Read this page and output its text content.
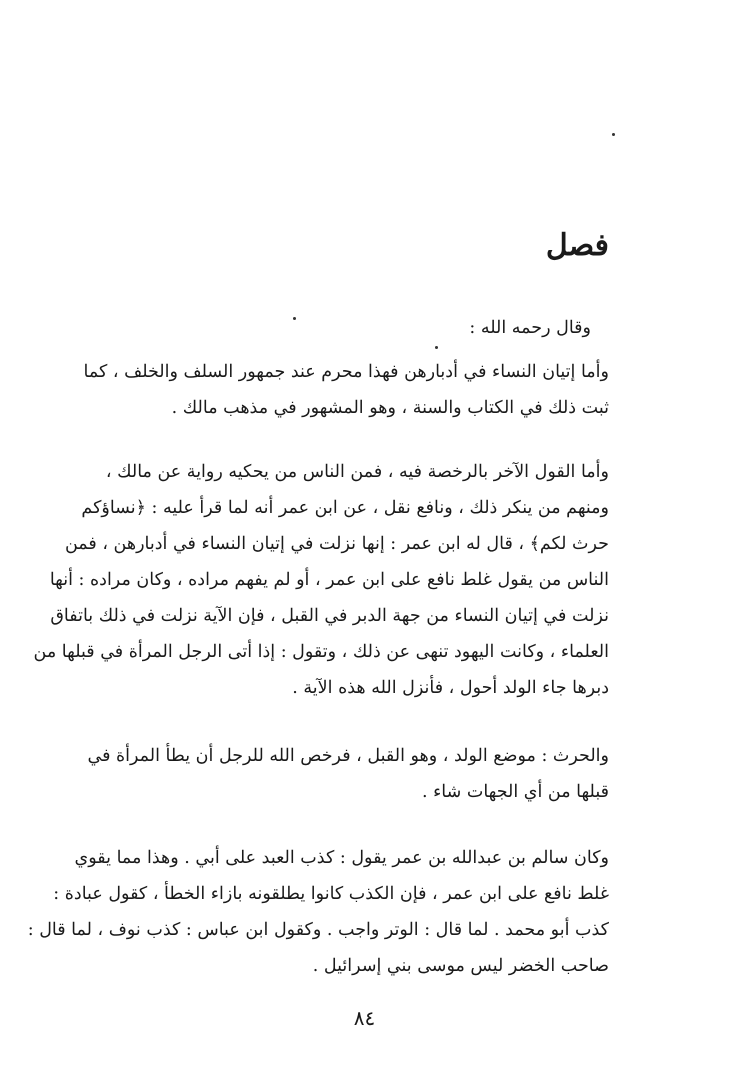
فصل
وقال رحمه الله :
وأما إتيان النساء في أدبارهن فهذا محرم عند جمهور السلف والخلف ، كما
ثبت ذلك في الكتاب والسنة ، وهو المشهور في مذهب مالك .
وأما القول الآخر بالرخصة فيه ، فمن الناس من يحكيه رواية عن مالك ،
ومنهم من ينكر ذلك ، ونافع نقل ، عن ابن عمر أنه لما قرأ عليه : ﴿نساؤكم
حرث لكم﴾ ، قال له ابن عمر : إنها نزلت في إتيان النساء في أدبارهن ، فمن
الناس من يقول غلط نافع على ابن عمر ، أو لم يفهم مراده ، وكان مراده : أنها
نزلت في إتيان النساء من جهة الدبر في القبل ، فإن الآية نزلت في ذلك باتفاق
العلماء ، وكانت اليهود تنهى عن ذلك ، وتقول : إذا أتى الرجل المرأة في قبلها من
دبرها جاء الولد أحول ، فأنزل الله هذه الآية .
والحرث : موضع الولد ، وهو القبل ، فرخص الله للرجل أن يطأ المرأة في
قبلها من أي الجهات شاء .
وكان سالم بن عبدالله بن عمر يقول : كذب العبد على أبي . وهذا مما يقوي
غلط نافع على ابن عمر ، فإن الكذب كانوا يطلقونه بازاء الخطأ ، كقول عبادة :
كذب أبو محمد . لما قال : الوتر واجب . وكقول ابن عباس : كذب نوف ، لما قال :
صاحب الخضر ليس موسى بني إسرائيل .
٨٤
